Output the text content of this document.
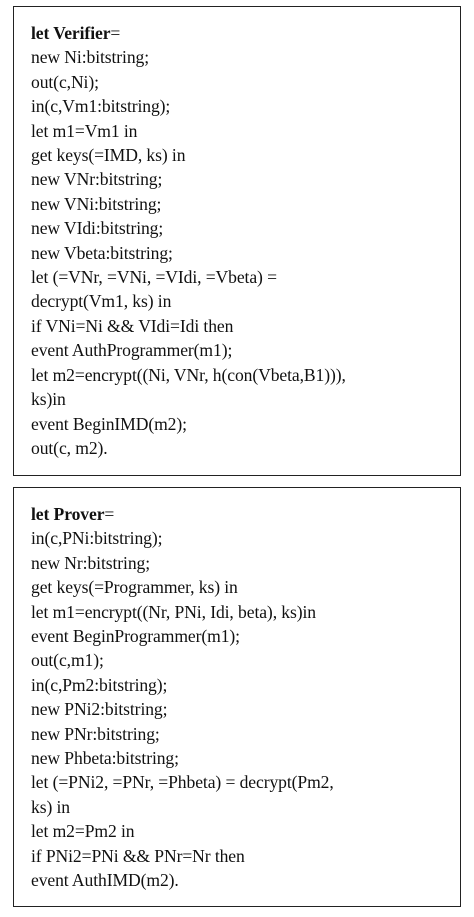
let Verifier=
new Ni:bitstring;
out(c,Ni);
in(c,Vm1:bitstring);
let m1=Vm1 in
get keys(=IMD, ks) in
new VNr:bitstring;
new VNi:bitstring;
new VIdi:bitstring;
new Vbeta:bitstring;
let (=VNr, =VNi, =VIdi, =Vbeta) =
decrypt(Vm1, ks) in
if VNi=Ni && VIdi=Idi then
event AuthProgrammer(m1);
let m2=encrypt((Ni, VNr, h(con(Vbeta,B1))),
ks)in
event BeginIMD(m2);
out(c, m2).
let Prover=
in(c,PNi:bitstring);
new Nr:bitstring;
get keys(=Programmer, ks) in
let m1=encrypt((Nr, PNi, Idi, beta), ks)in
event BeginProgrammer(m1);
out(c,m1);
in(c,Pm2:bitstring);
new PNi2:bitstring;
new PNr:bitstring;
new Phbeta:bitstring;
let (=PNi2, =PNr, =Phbeta) = decrypt(Pm2,
ks) in
let m2=Pm2 in
if PNi2=PNi && PNr=Nr then
event AuthIMD(m2).
